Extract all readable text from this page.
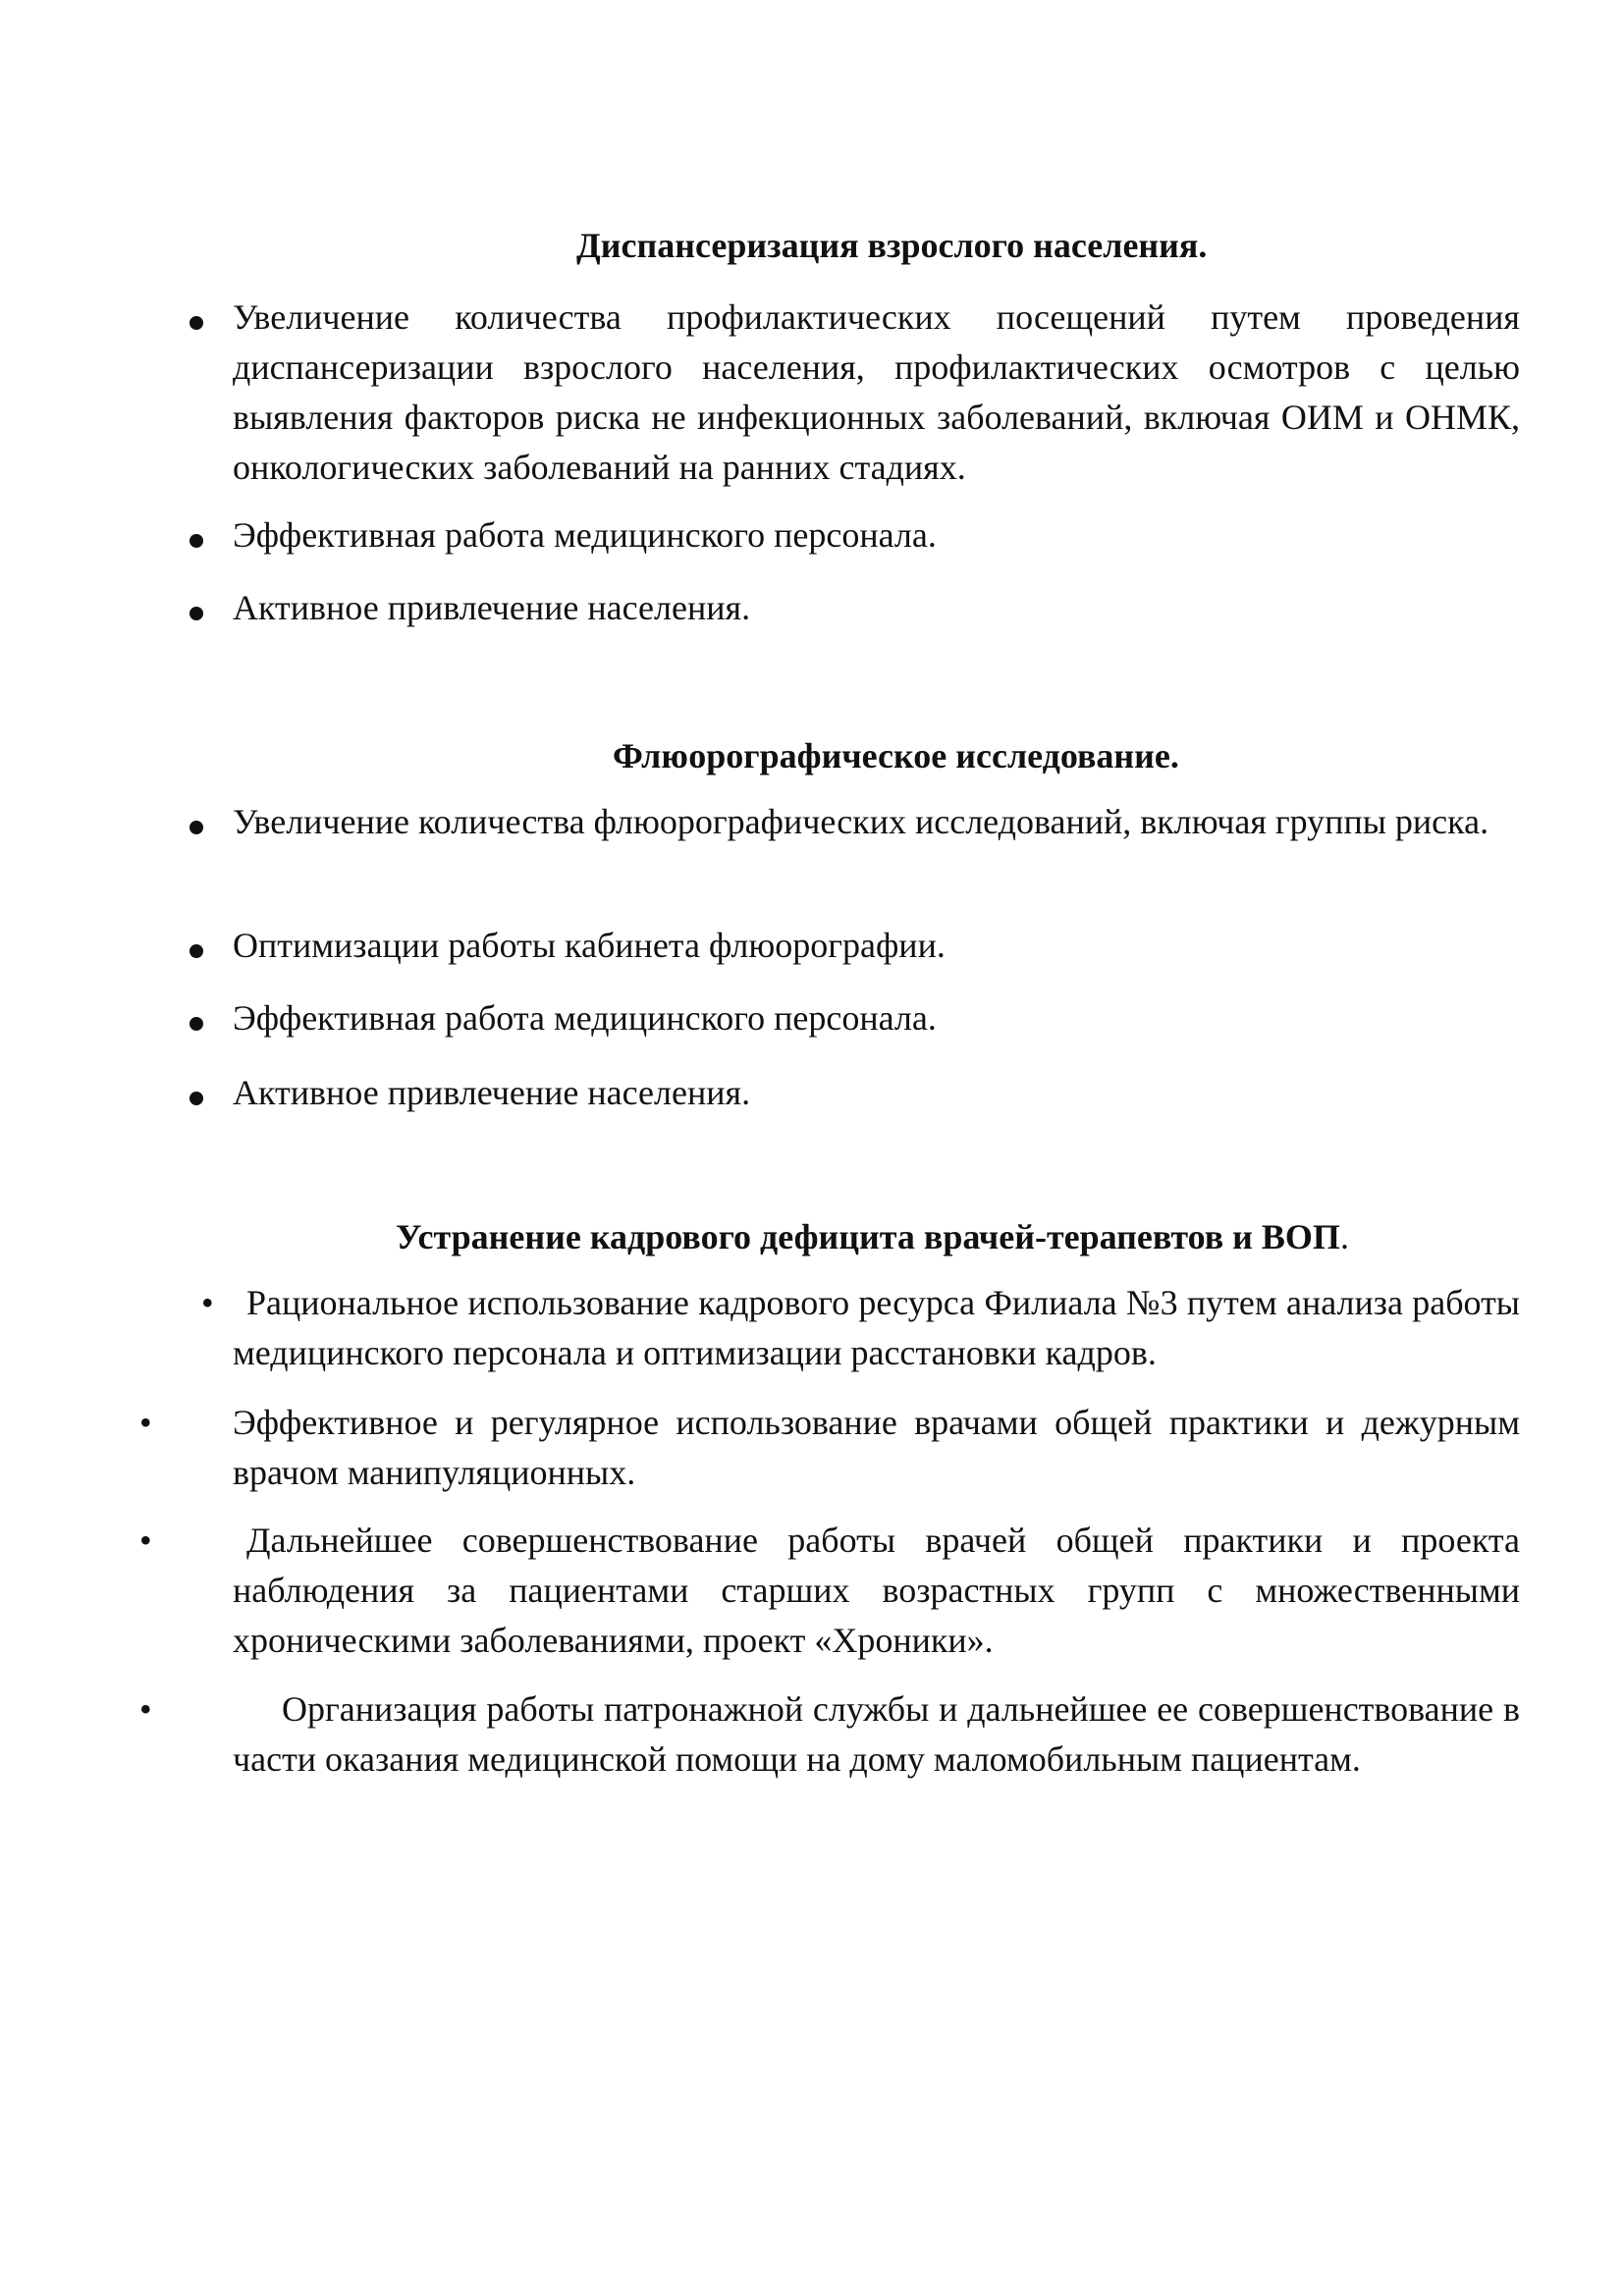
Диспансеризация взрослого населения.
Увеличение количества профилактических посещений путем проведения диспансеризации взрослого населения, профилактических осмотров с целью выявления факторов риска не инфекционных заболеваний, включая ОИМ и ОНМК, онкологических заболеваний на ранних стадиях.
Эффективная работа медицинского персонала.
Активное привлечение населения.
Флюорографическое исследование.
Увеличение количества флюорографических исследований, включая группы риска.
Оптимизации работы кабинета флюорографии.
Эффективная работа медицинского персонала.
Активное привлечение населения.
Устранение кадрового дефицита врачей-терапевтов и ВОП.
• Рациональное использование кадрового ресурса Филиала №3 путем анализа работы медицинского персонала и оптимизации расстановки кадров.
• Эффективное и регулярное использование врачами общей практики и дежурным врачом манипуляционных.
•	Дальнейшее совершенствование работы врачей общей практики и проекта наблюдения за пациентами старших возрастных групп с множественными хроническими заболеваниями, проект «Хроники».
•	Организация работы патронажной службы и дальнейшее ее совершенствование в части оказания медицинской помощи на дому маломобильным пациентам.
